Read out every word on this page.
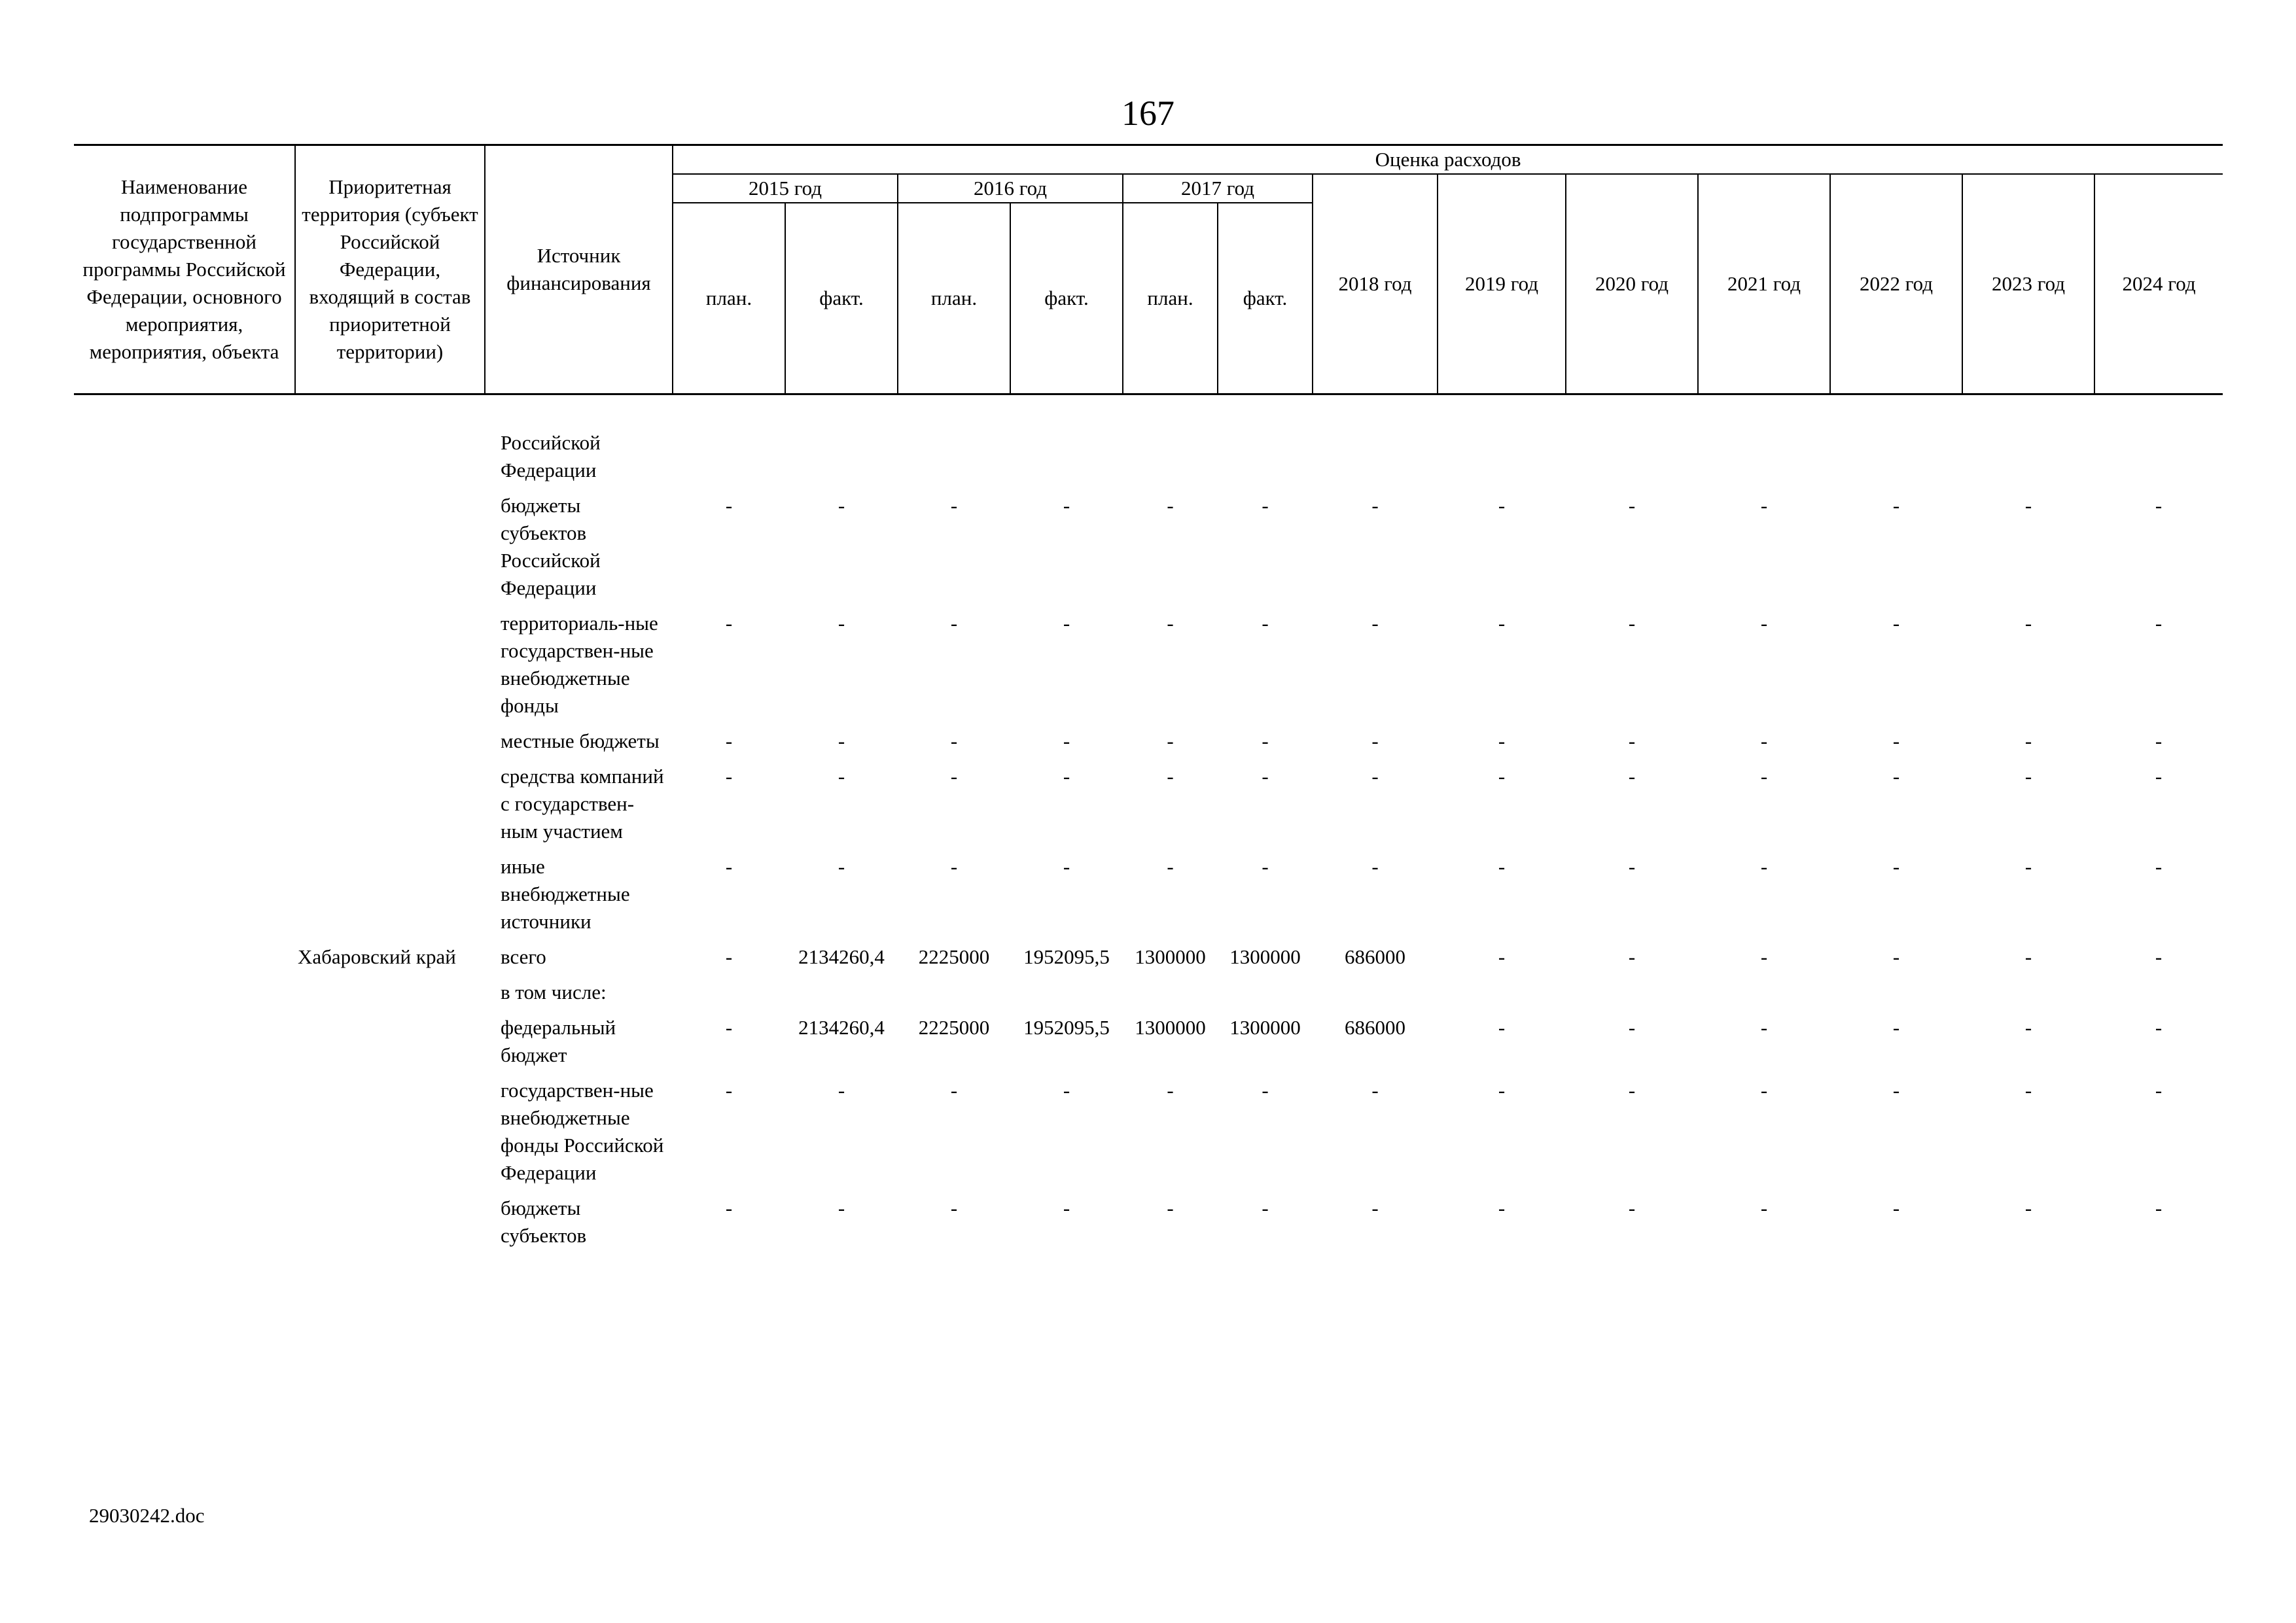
167
Наименование подпрограммы государственной программы Российской Федерации, основного мероприятия, мероприятия, объекта	Приоритетная территория (субъект Российской Федерации, входящий в состав приоритетной территории)	Источник финансирования	Оценка расходов												
			2015 год		2016 год		2017 год		2018 год	2019 год	2020 год	2021 год	2022 год	2023 год	2024 год
			план.	факт.	план.	факт.	план.	факт.							

		Российской Федерации													
		бюджеты субъектов Российской Федерации	-	-	-	-	-	-	-	-	-	-	-	-	-
		территориаль-ные государствен-ные внебюджетные фонды	-	-	-	-	-	-	-	-	-	-	-	-	-
		местные бюджеты	-	-	-	-	-	-	-	-	-	-	-	-	-
		средства компаний с государствен-ным участием	-	-	-	-	-	-	-	-	-	-	-	-	-
		иные внебюджетные источники	-	-	-	-	-	-	-	-	-	-	-	-	-
	Хабаровский край	всего	-	2134260,4	2225000	1952095,5	1300000	1300000	686000	-	-	-	-	-	-
		в том числе:													
		федеральный бюджет	-	2134260,4	2225000	1952095,5	1300000	1300000	686000	-	-	-	-	-	-
		государствен-ные внебюджетные фонды Российской Федерации	-	-	-	-	-	-	-	-	-	-	-	-	-
		бюджеты субъектов	-	-	-	-	-	-	-	-	-	-	-	-	-
29030242.doc
